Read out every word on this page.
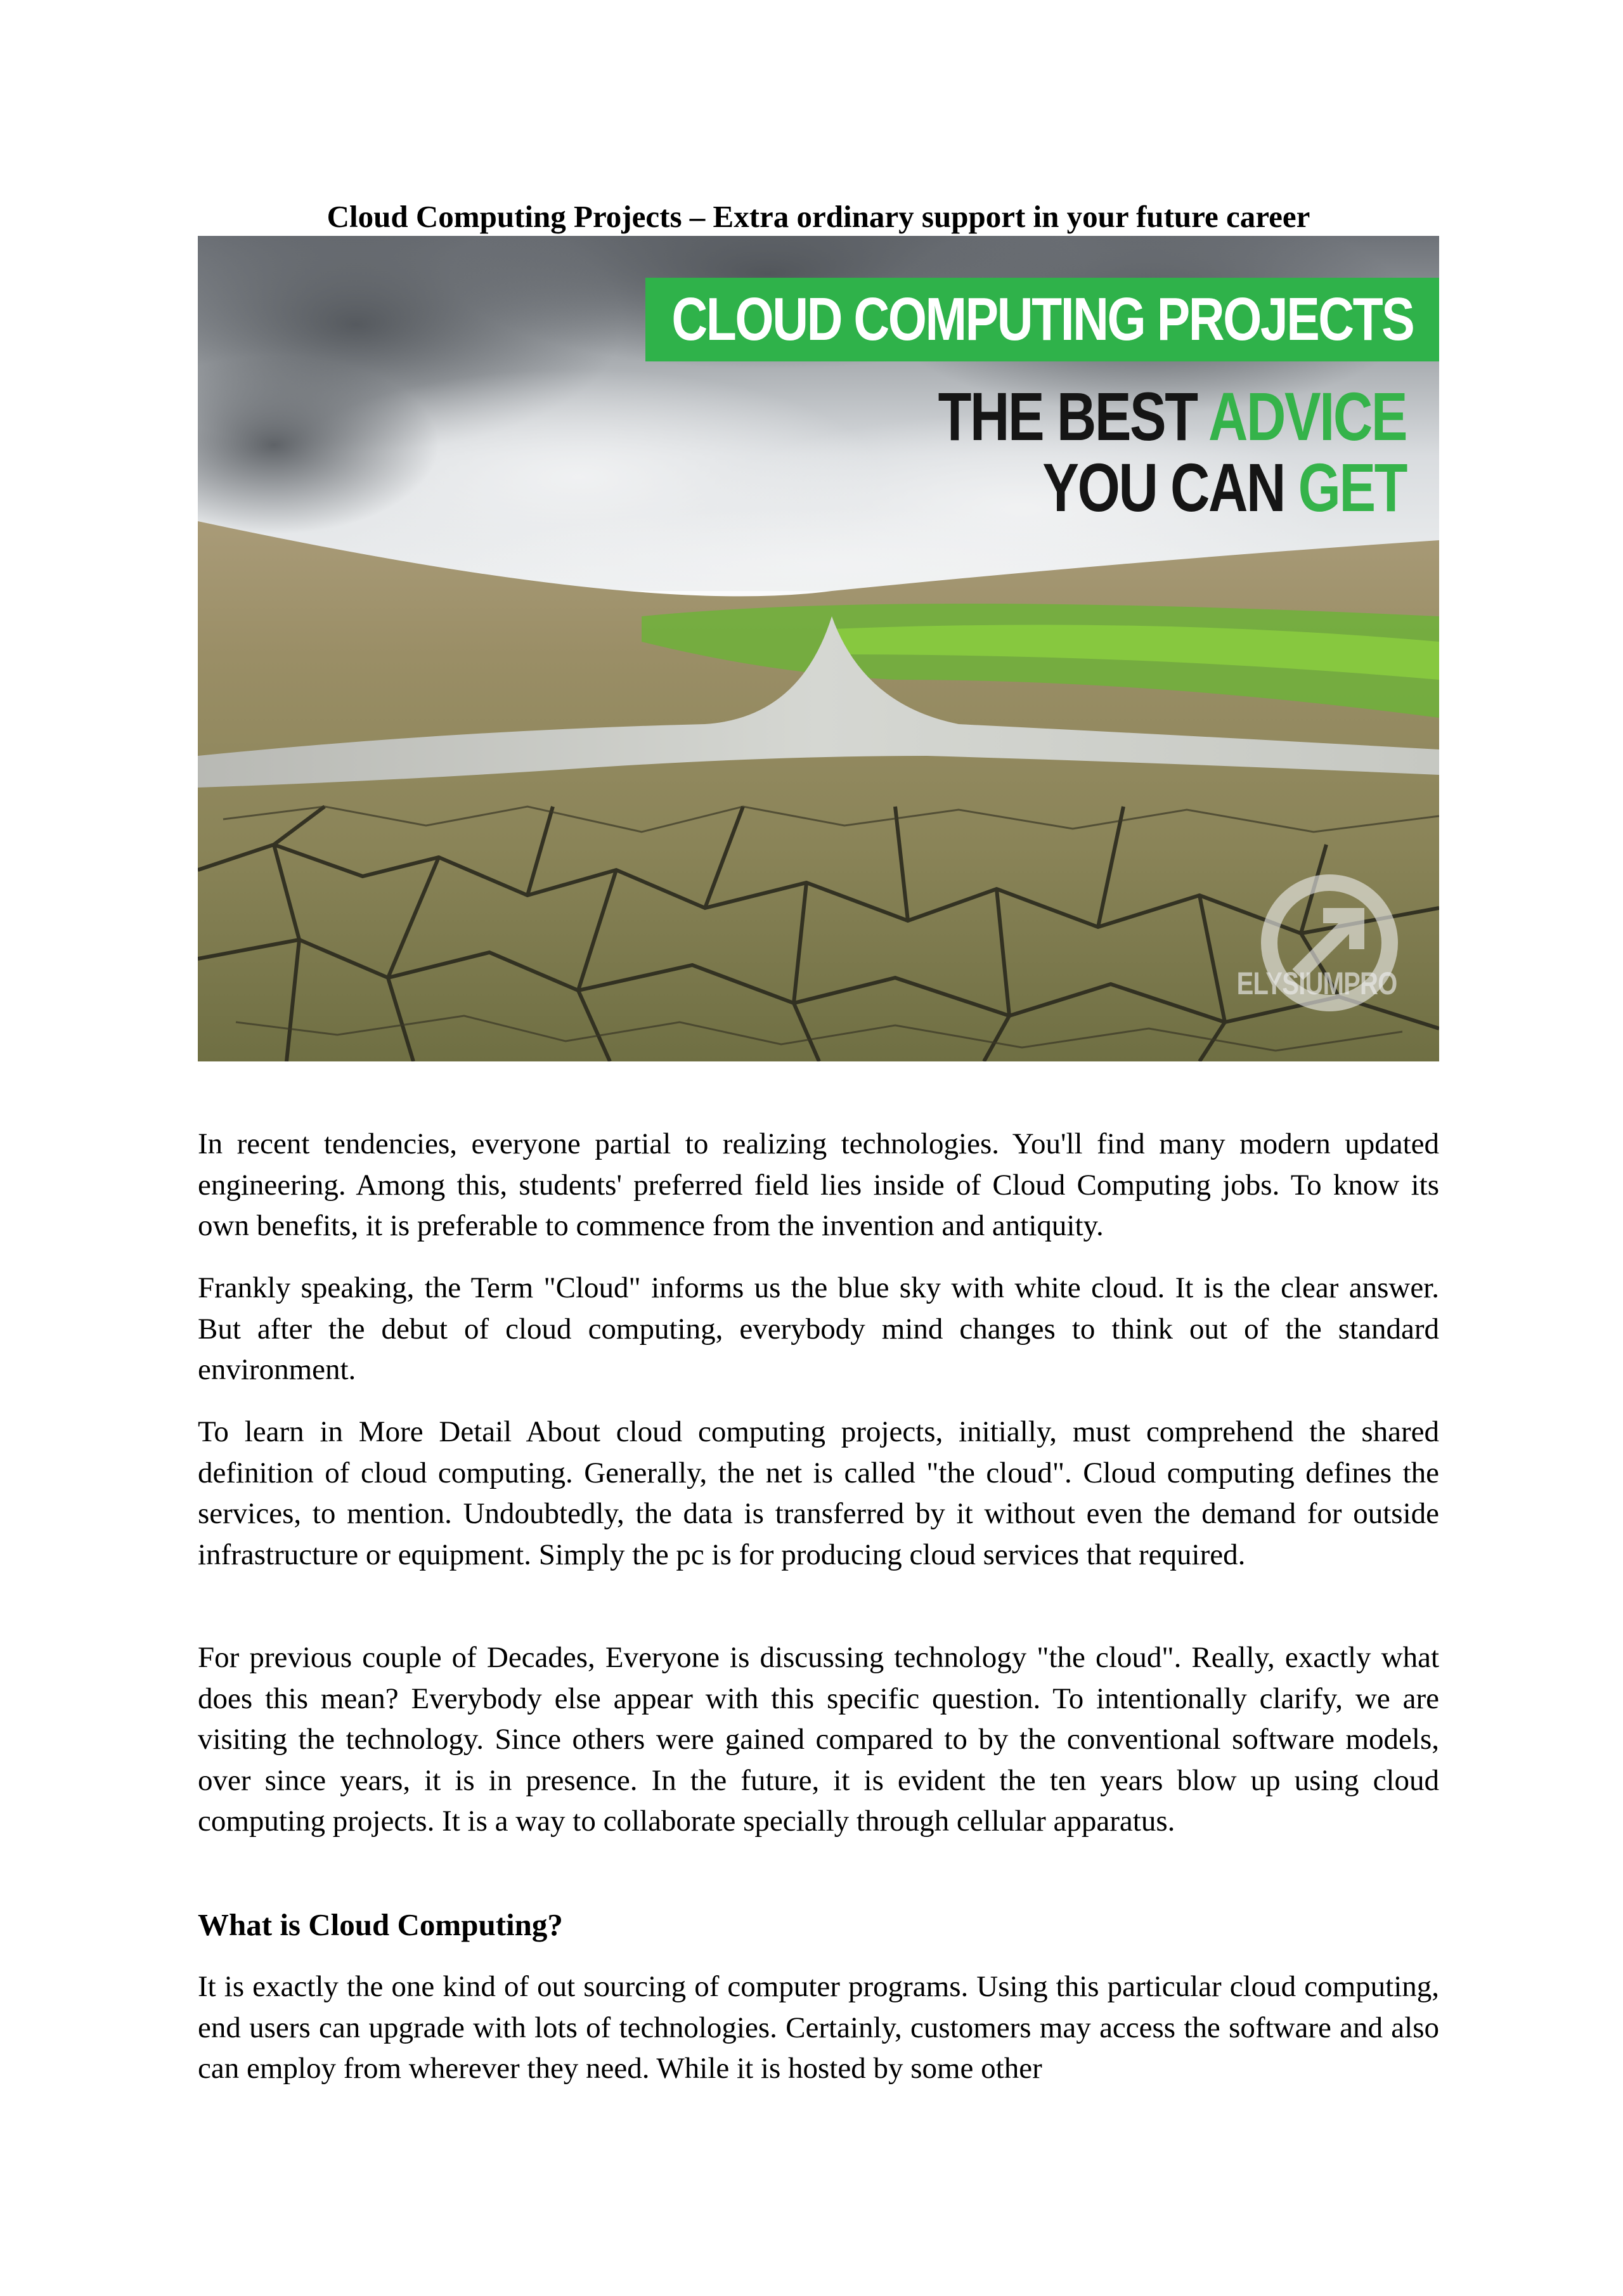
Cloud Computing Projects – Extra ordinary support in your future career
CLOUD COMPUTING PROJECTS
THE BEST ADVICE
YOU CAN GET
ELYSIUMPRO

In recent tendencies, everyone partial to realizing technologies. You'll find many modern updated engineering. Among this, students' preferred field lies inside of Cloud Computing jobs. To know its own benefits, it is preferable to commence from the invention and antiquity.

Frankly speaking, the Term "Cloud" informs us the blue sky with white cloud. It is the clear answer. But after the debut of cloud computing, everybody mind changes to think out of the standard environment.

To learn in More Detail About cloud computing projects, initially, must comprehend the shared definition of cloud computing. Generally, the net is called "the cloud". Cloud computing defines the services, to mention. Undoubtedly, the data is transferred by it without even the demand for outside infrastructure or equipment. Simply the pc is for producing cloud services that required.

For previous couple of Decades, Everyone is discussing technology "the cloud". Really, exactly what does this mean? Everybody else appear with this specific question. To intentionally clarify, we are visiting the technology. Since others were gained compared to by the conventional software models, over since years, it is in presence. In the future, it is evident the ten years blow up using cloud computing projects. It is a way to collaborate specially through cellular apparatus.

What is Cloud Computing?

It is exactly the one kind of out sourcing of computer programs. Using this particular cloud computing, end users can upgrade with lots of technologies. Certainly, customers may access the software and also can employ from wherever they need. While it is hosted by some other
